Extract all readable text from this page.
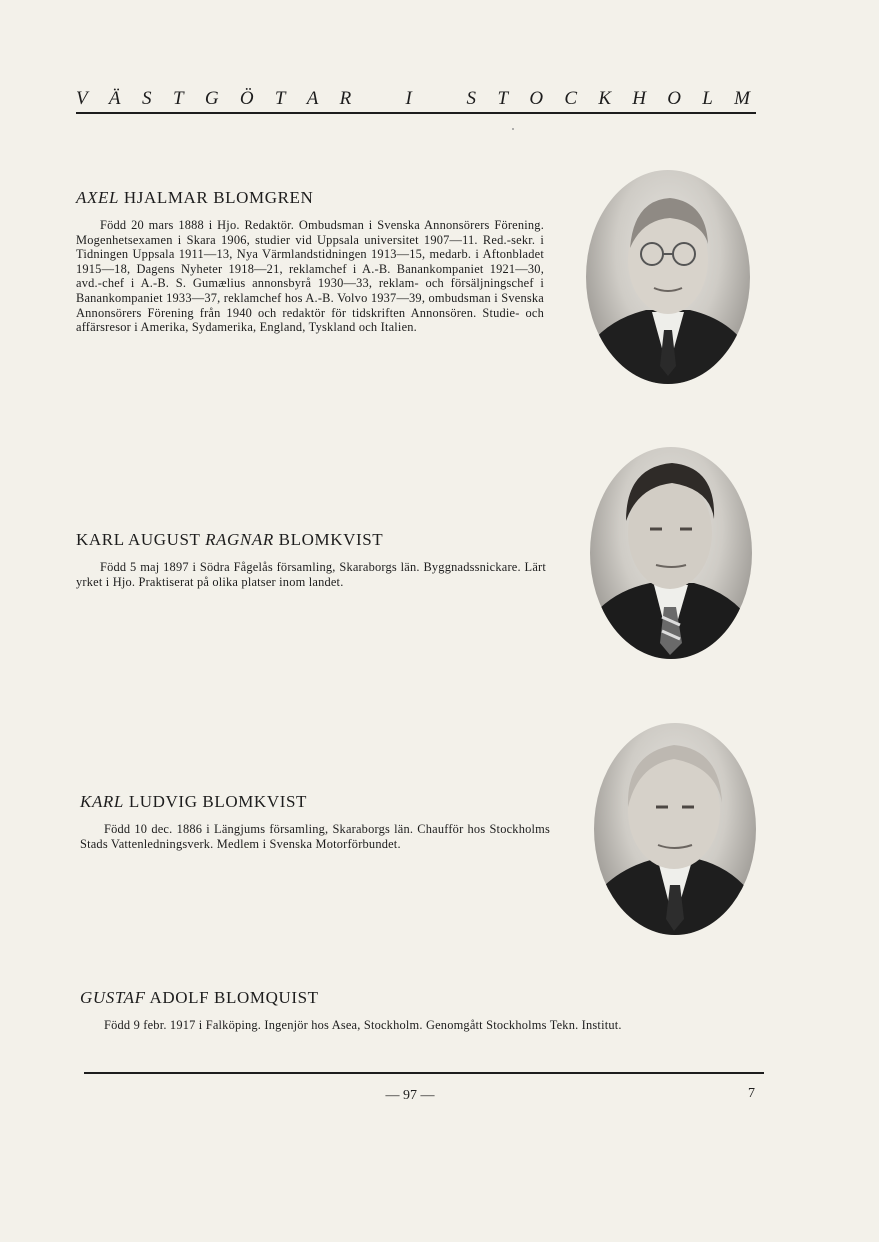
V Ä S T G Ö T A R	I	S T O C K H O L M
AXEL HJALMAR BLOMGREN
Född 20 mars 1888 i Hjo. Redaktör. Ombudsman i Svenska Annonsörers Förening. Mogenhetsexamen i Skara 1906, studier vid Uppsala universitet 1907—11. Red.-sekr. i Tidningen Uppsala 1911—13, Nya Värmlandstidningen 1913—15, medarb. i Aftonbladet 1915—18, Dagens Nyheter 1918—21, reklamchef i A.-B. Banankompaniet 1921—30, avd.-chef i A.-B. S. Gumælius annonsbyrå 1930—33, reklam- och försäljningschef i Banankompaniet 1933—37, reklamchef hos A.-B. Volvo 1937—39, ombudsman i Svenska Annonsörers Förening från 1940 och redaktör för tidskriften Annonsören. Studie- och affärsresor i Amerika, Sydamerika, England, Tyskland och Italien.
KARL AUGUST RAGNAR BLOMKVIST
Född 5 maj 1897 i Södra Fågelås församling, Skaraborgs län. Byggnadssnickare. Lärt yrket i Hjo. Praktiserat på olika platser inom landet.
KARL LUDVIG BLOMKVIST
Född 10 dec. 1886 i Längjums församling, Skaraborgs län. Chaufför hos Stockholms Stads Vattenledningsverk. Medlem i Svenska Motorförbundet.
GUSTAF ADOLF BLOMQUIST
Född 9 febr. 1917 i Falköping. Ingenjör hos Asea, Stockholm. Genomgått Stockholms Tekn. Institut.
— 97 —	7
